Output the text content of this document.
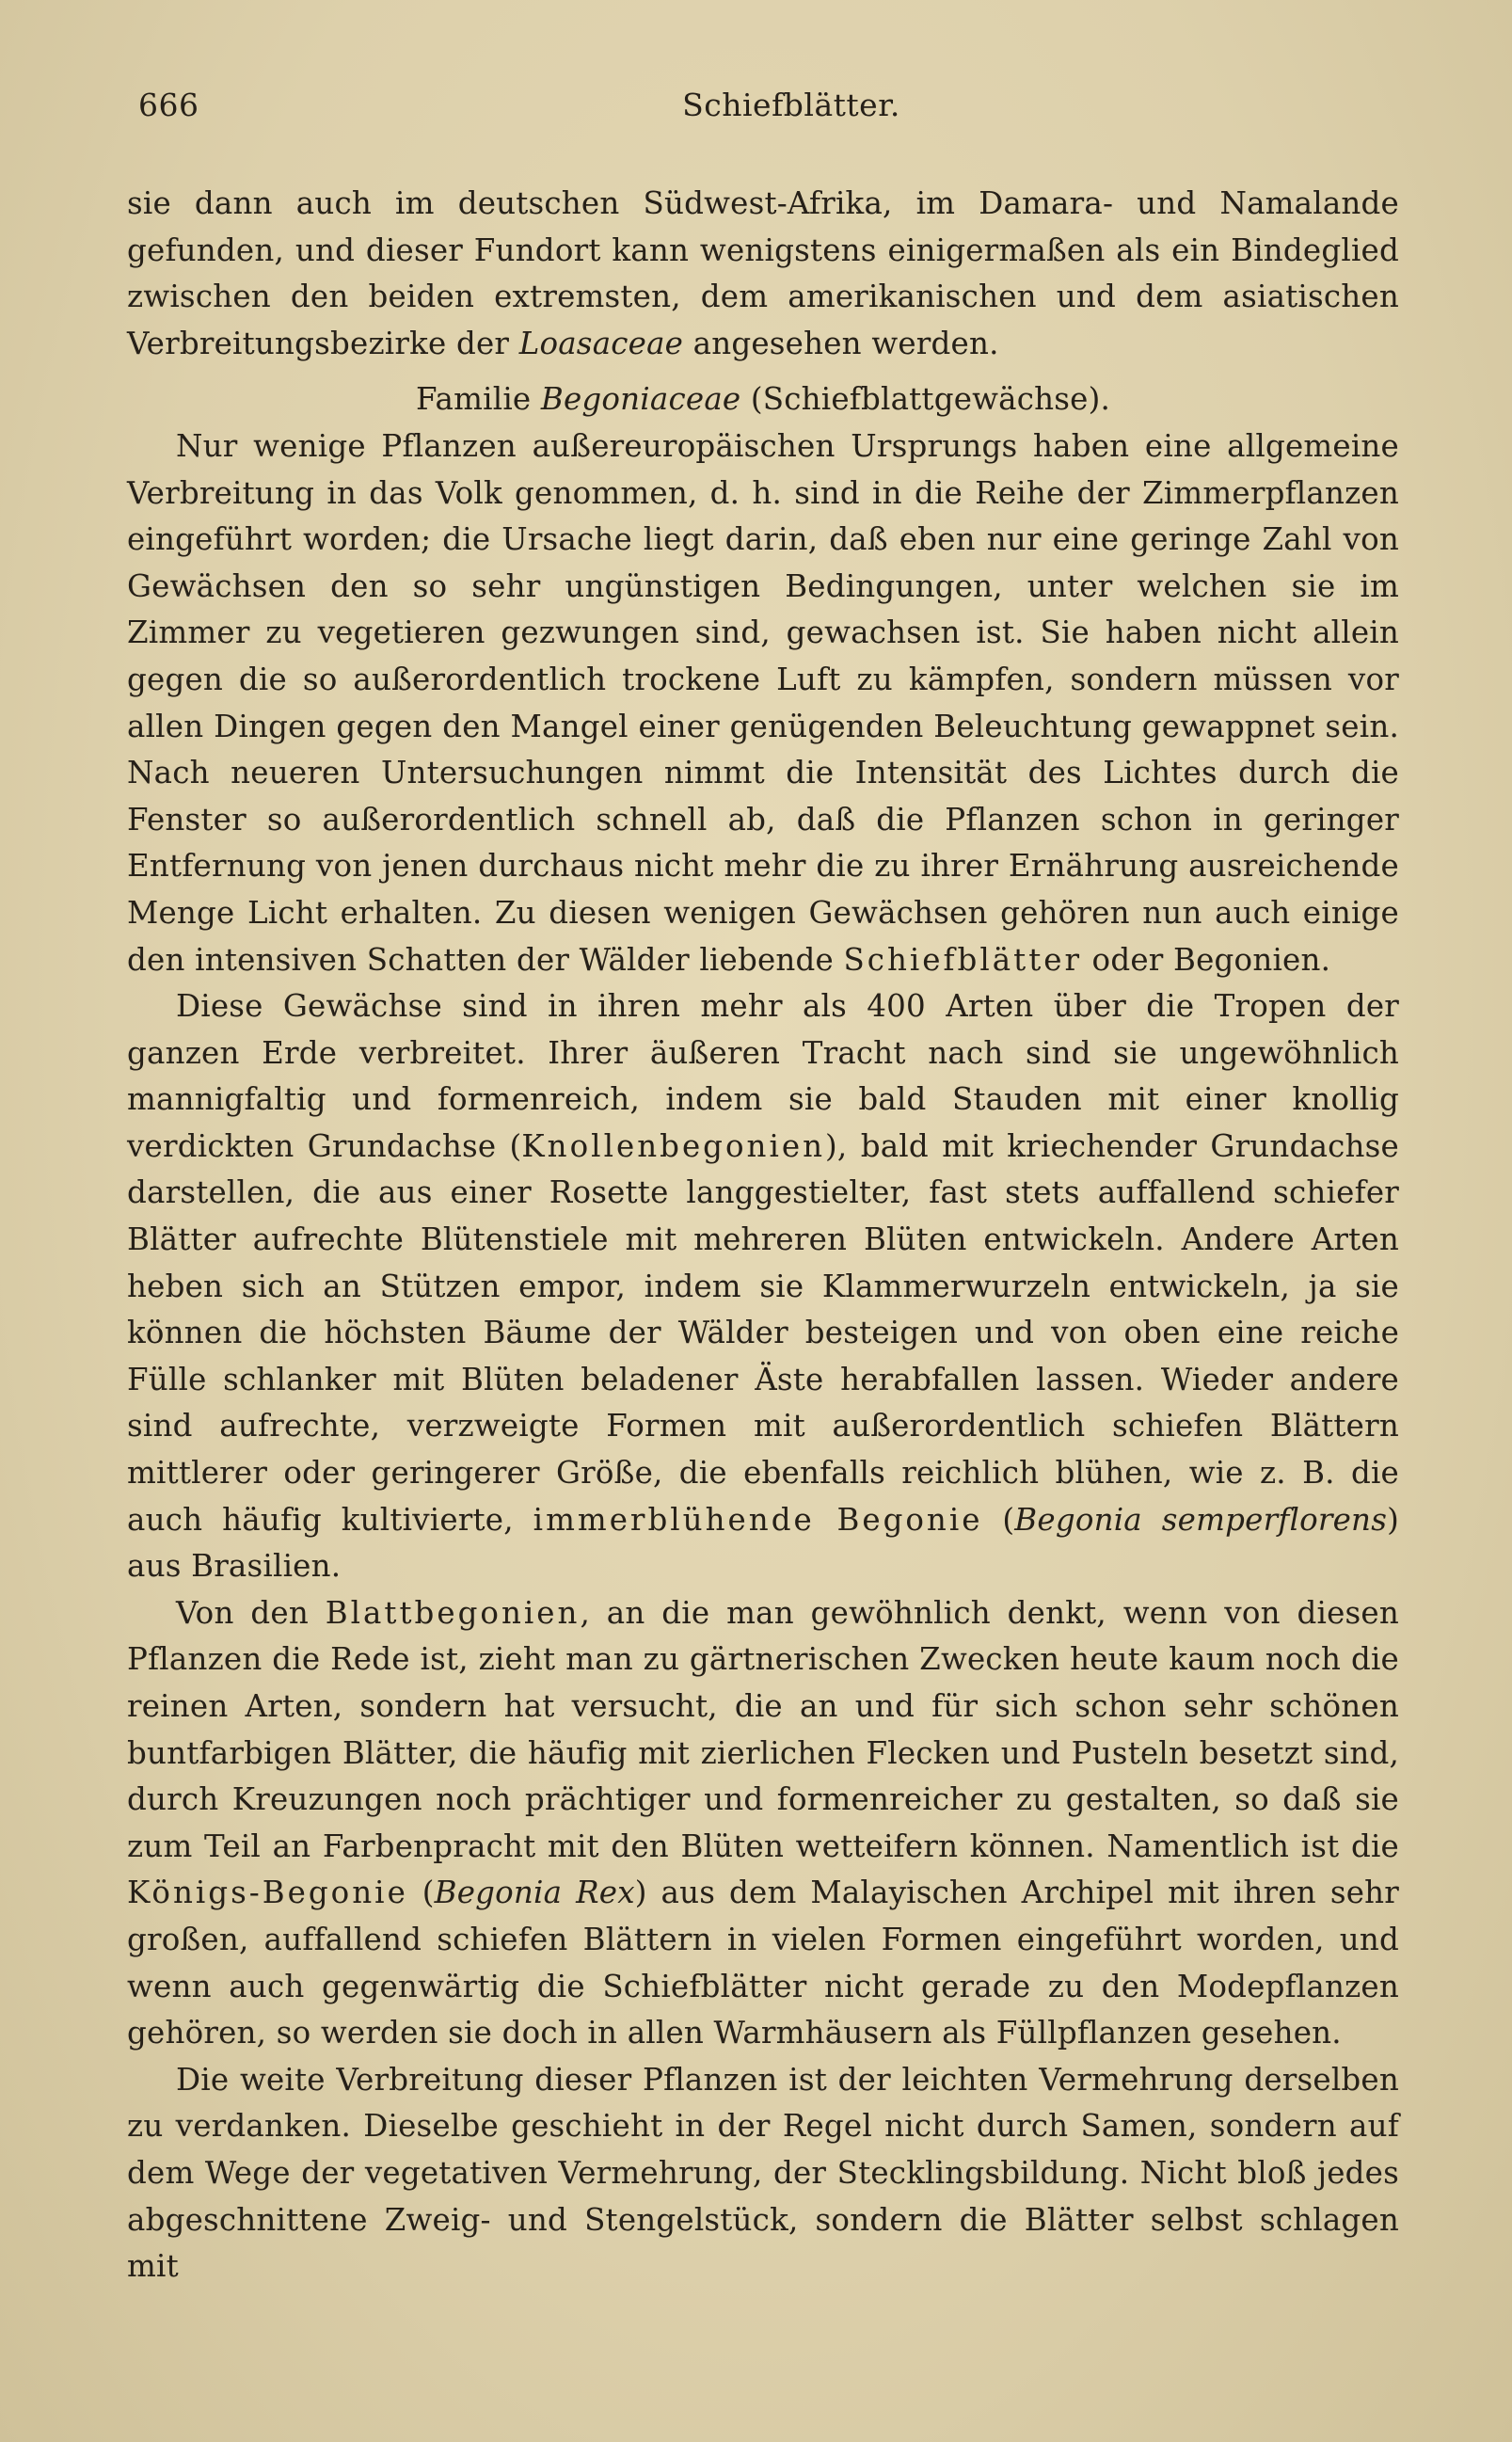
666	Schiefblätter.

sie dann auch im deutschen Südwest-Afrika, im Damara- und Namalande gefunden, und dieser Fundort kann wenigstens einigermaßen als ein Bindeglied zwischen den beiden extremsten, dem amerikanischen und dem asiatischen Verbreitungsbezirke der Loasaceae angesehen werden.

Familie Begoniaceae (Schiefblattgewächse).

Nur wenige Pflanzen außereuropäischen Ursprungs haben eine allgemeine Verbreitung in das Volk genommen, d. h. sind in die Reihe der Zimmerpflanzen eingeführt worden; die Ursache liegt darin, daß eben nur eine geringe Zahl von Gewächsen den so sehr ungünstigen Bedingungen, unter welchen sie im Zimmer zu vegetieren gezwungen sind, gewachsen ist. Sie haben nicht allein gegen die so außerordentlich trockene Luft zu kämpfen, sondern müssen vor allen Dingen gegen den Mangel einer genügenden Beleuchtung gewappnet sein. Nach neueren Untersuchungen nimmt die Intensität des Lichtes durch die Fenster so außerordentlich schnell ab, daß die Pflanzen schon in geringer Entfernung von jenen durchaus nicht mehr die zu ihrer Ernährung ausreichende Menge Licht erhalten. Zu diesen wenigen Gewächsen gehören nun auch einige den intensiven Schatten der Wälder liebende Schiefblätter oder Begonien.

Diese Gewächse sind in ihren mehr als 400 Arten über die Tropen der ganzen Erde verbreitet. Ihrer äußeren Tracht nach sind sie ungewöhnlich mannigfaltig und formenreich, indem sie bald Stauden mit einer knollig verdickten Grundachse (Knollenbegonien), bald mit kriechender Grundachse darstellen, die aus einer Rosette langgestielter, fast stets auffallend schiefer Blätter aufrechte Blütenstiele mit mehreren Blüten entwickeln. Andere Arten heben sich an Stützen empor, indem sie Klammerwurzeln entwickeln, ja sie können die höchsten Bäume der Wälder besteigen und von oben eine reiche Fülle schlanker mit Blüten beladener Äste herabfallen lassen. Wieder andere sind aufrechte, verzweigte Formen mit außerordentlich schiefen Blättern mittlerer oder geringerer Größe, die ebenfalls reichlich blühen, wie z. B. die auch häufig kultivierte, immerblühende Begonie (Begonia semperflorens) aus Brasilien.

Von den Blattbegonien, an die man gewöhnlich denkt, wenn von diesen Pflanzen die Rede ist, zieht man zu gärtnerischen Zwecken heute kaum noch die reinen Arten, sondern hat versucht, die an und für sich schon sehr schönen buntfarbigen Blätter, die häufig mit zierlichen Flecken und Pusteln besetzt sind, durch Kreuzungen noch prächtiger und formenreicher zu gestalten, so daß sie zum Teil an Farbenpracht mit den Blüten wetteifern können. Namentlich ist die Königs-Begonie (Begonia Rex) aus dem Malayischen Archipel mit ihren sehr großen, auffallend schiefen Blättern in vielen Formen eingeführt worden, und wenn auch gegenwärtig die Schiefblätter nicht gerade zu den Modepflanzen gehören, so werden sie doch in allen Warmhäusern als Füllpflanzen gesehen.

Die weite Verbreitung dieser Pflanzen ist der leichten Vermehrung derselben zu verdanken. Dieselbe geschieht in der Regel nicht durch Samen, sondern auf dem Wege der vegetativen Vermehrung, der Stecklingsbildung. Nicht bloß jedes abgeschnittene Zweig- und Stengelstück, sondern die Blätter selbst schlagen mit
